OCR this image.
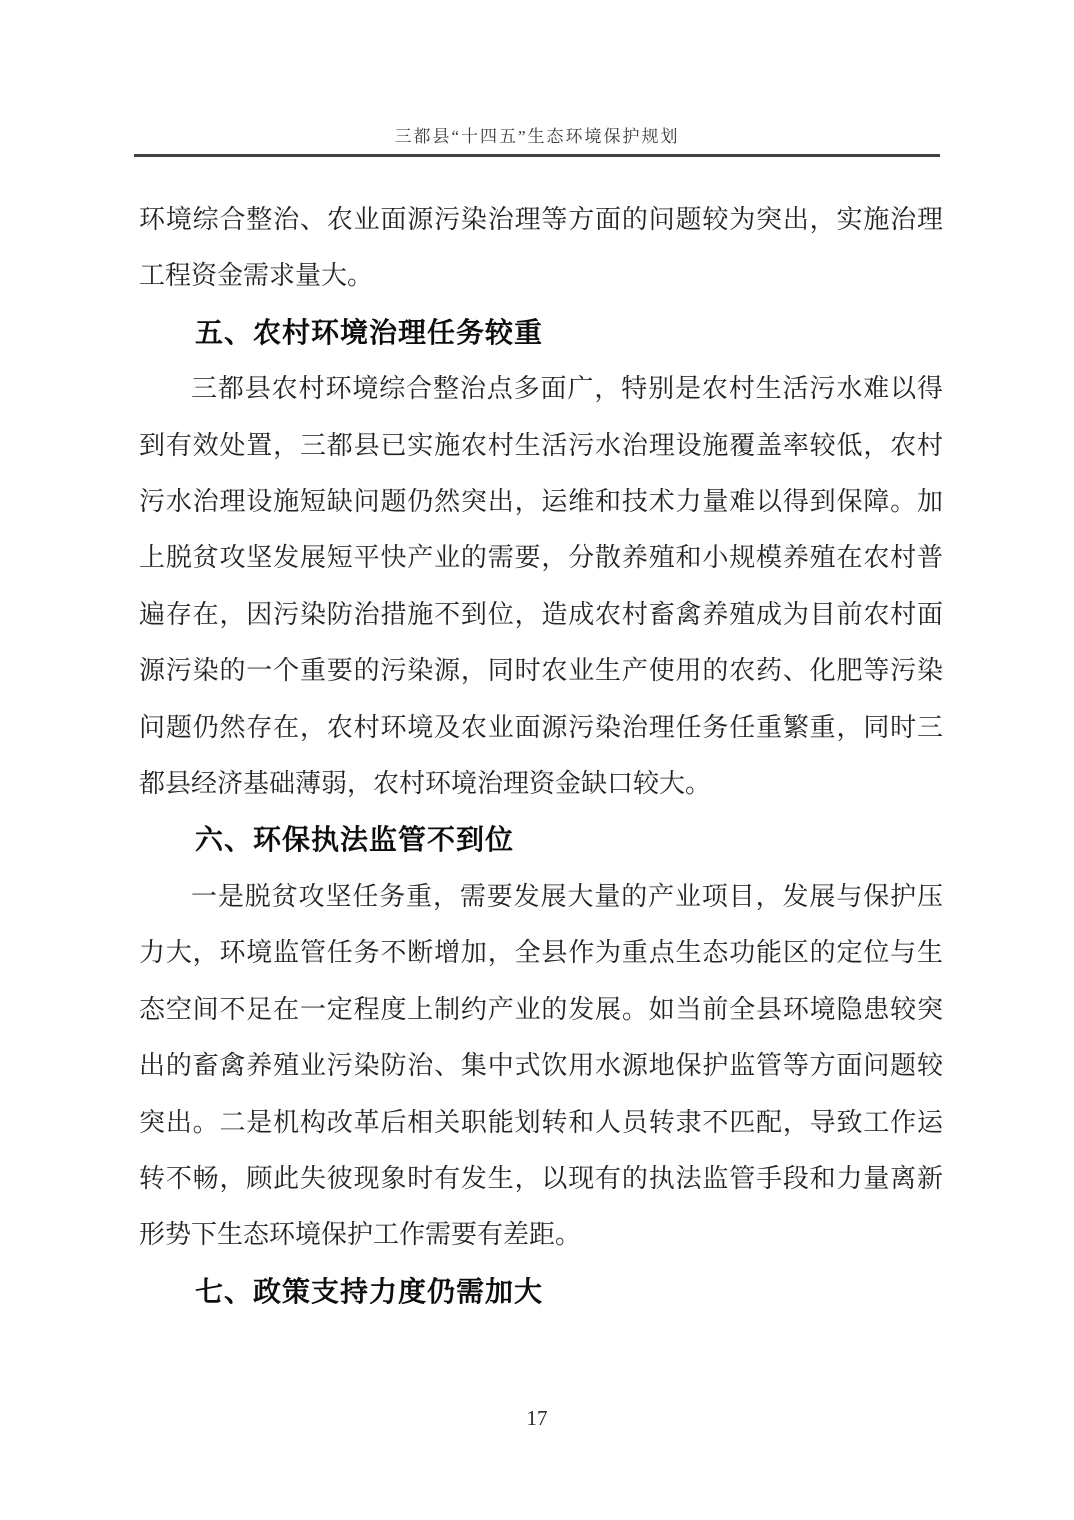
三都县“十四五”生态环境保护规划

环境综合整治、农业面源污染治理等方面的问题较为突出，实施治理工程资金需求量大。

五、农村环境治理任务较重

三都县农村环境综合整治点多面广，特别是农村生活污水难以得到有效处置，三都县已实施农村生活污水治理设施覆盖率较低，农村污水治理设施短缺问题仍然突出，运维和技术力量难以得到保障。加上脱贫攻坚发展短平快产业的需要，分散养殖和小规模养殖在农村普遍存在，因污染防治措施不到位，造成农村畜禽养殖成为目前农村面源污染的一个重要的污染源，同时农业生产使用的农药、化肥等污染问题仍然存在，农村环境及农业面源污染治理任务任重繁重，同时三都县经济基础薄弱，农村环境治理资金缺口较大。

六、环保执法监管不到位

一是脱贫攻坚任务重，需要发展大量的产业项目，发展与保护压力大，环境监管任务不断增加，全县作为重点生态功能区的定位与生态空间不足在一定程度上制约产业的发展。如当前全县环境隐患较突出的畜禽养殖业污染防治、集中式饮用水源地保护监管等方面问题较突出。二是机构改革后相关职能划转和人员转隶不匹配，导致工作运转不畅，顾此失彼现象时有发生，以现有的执法监管手段和力量离新形势下生态环境保护工作需要有差距。

七、政策支持力度仍需加大
17
